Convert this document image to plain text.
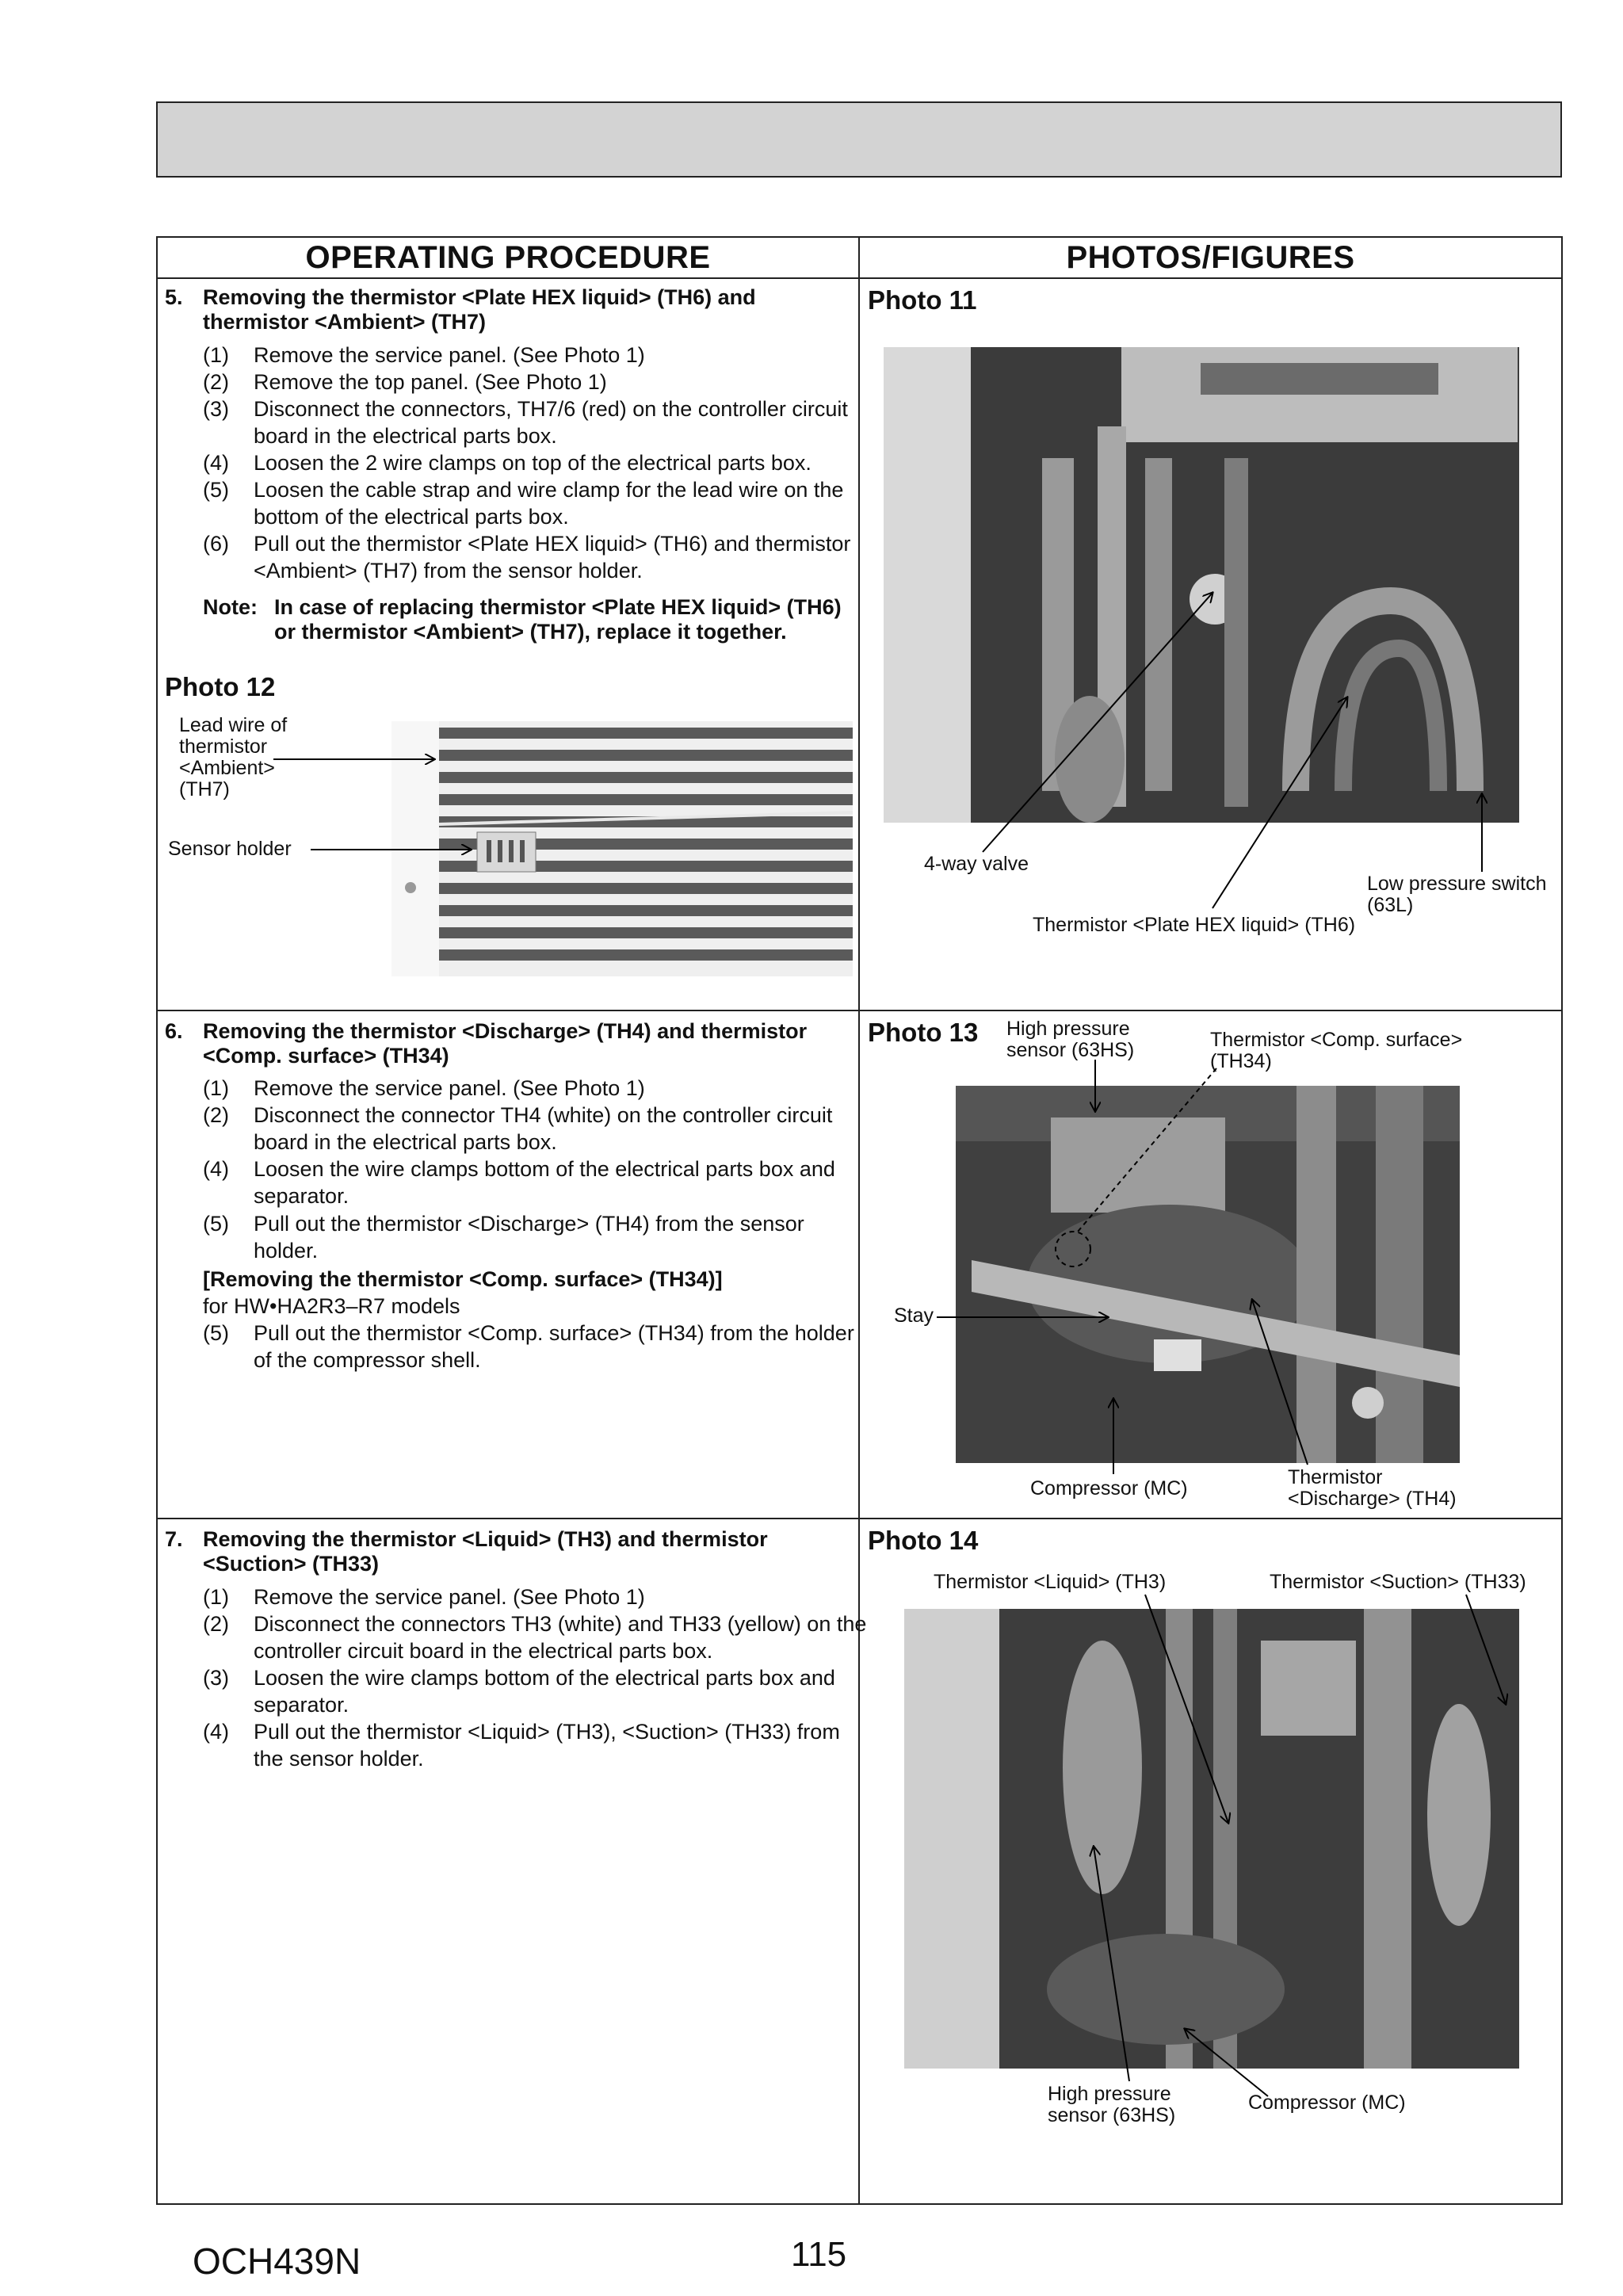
OPERATING PROCEDURE	PHOTOS/FIGURES
5. Removing the thermistor <Plate HEX liquid> (TH6) and thermistor <Ambient> (TH7)
(1)	Remove the service panel. (See Photo 1)
(2)	Remove the top panel. (See Photo 1)
(3)	Disconnect the connectors, TH7/6 (red) on the controller circuit board in the electrical parts box.
(4)	Loosen the 2 wire clamps on top of the electrical parts box.
(5)	Loosen the cable strap and wire clamp for the lead wire on the bottom of the electrical parts box.
(6)	Pull out the thermistor <Plate HEX liquid> (TH6) and thermistor <Ambient> (TH7) from the sensor holder.
Note: In case of replacing thermistor <Plate HEX liquid> (TH6) or thermistor <Ambient> (TH7), replace it together.
Photo 12
Lead wire of thermistor <Ambient> (TH7)
Sensor holder
Photo 11
4-way valve
Thermistor <Plate HEX liquid> (TH6)
Low pressure switch (63L)
6. Removing the thermistor <Discharge> (TH4) and thermistor <Comp. surface> (TH34)
(1)	Remove the service panel. (See Photo 1)
(2)	Disconnect the connector TH4 (white) on the controller circuit board in the electrical parts box.
(4)	Loosen the wire clamps bottom of the electrical parts box and separator.
(5)	Pull out the thermistor <Discharge> (TH4) from the sensor holder.
[Removing the thermistor <Comp. surface> (TH34)]
for HW•HA2R3–R7 models
(5)	Pull out the thermistor <Comp. surface> (TH34) from the holder of the compressor shell.
Photo 13 High pressure sensor (63HS)	Thermistor <Comp. surface> (TH34)
Stay
Compressor (MC)	Thermistor <Discharge> (TH4)
7. Removing the thermistor <Liquid> (TH3) and thermistor <Suction> (TH33)
(1)	Remove the service panel. (See Photo 1)
(2)	Disconnect the connectors TH3 (white) and TH33 (yellow) on the controller circuit board in the electrical parts box.
(3)	Loosen the wire clamps bottom of the electrical parts box and separator.
(4)	Pull out the thermistor <Liquid> (TH3), <Suction> (TH33) from the sensor holder.
Photo 14
Thermistor <Liquid> (TH3)	Thermistor <Suction> (TH33)
High pressure sensor (63HS)
Compressor (MC)
OCH439N	115
